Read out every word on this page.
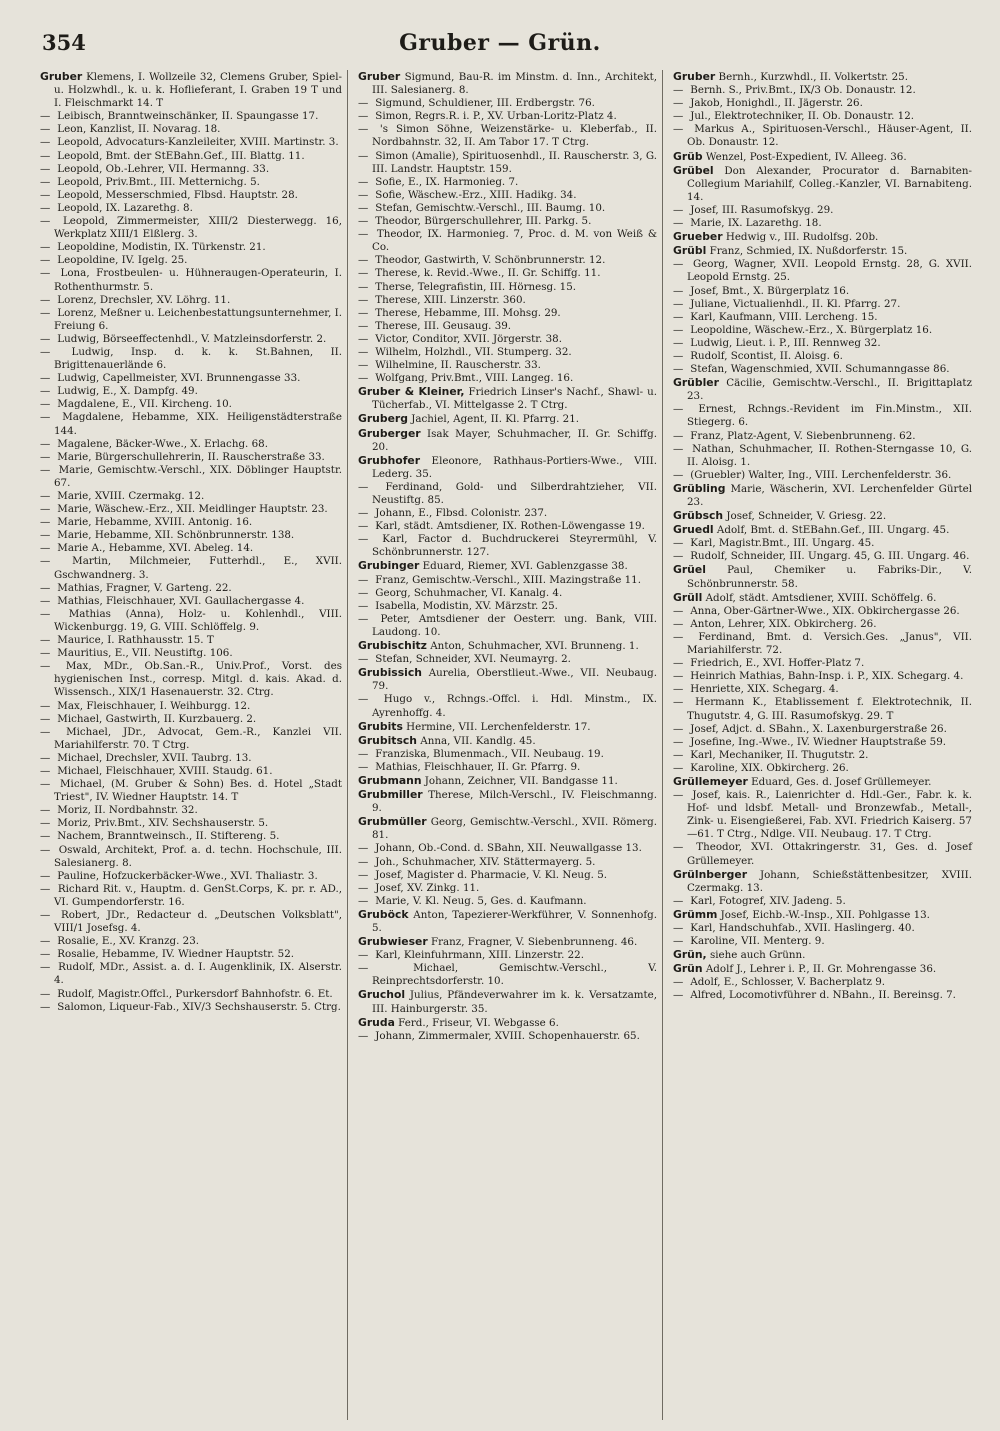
354	Gruber — Grün.

Gruber Klemens, I. Wollzeile 32, Clemens Gruber, Spiel- u. Holzwhdl., k. u. k. Hoflieferant, I. Graben 19 T und I. Fleischmarkt 14. T

— Leibisch, Branntweinschänker, II. Spaungasse 17.

— Leon, Kanzlist, II. Novarag. 18.

— Leopold, Advocaturs-Kanzleileiter, XVIII. Martinstr. 3.

— Leopold, Bmt. der StEBahn.Gef., III. Blattg. 11.

— Leopold, Ob.-Lehrer, VII. Hermanng. 33.

— Leopold, Priv.Bmt., III. Metternichg. 5.

— Leopold, Messerschmied, Flbsd. Hauptstr. 28.

— Leopold, IX. Lazarethg. 8.

— Leopold, Zimmermeister, XIII/2 Diesterwegg. 16, Werkplatz XIII/1 Elßlerg. 3.

— Leopoldine, Modistin, IX. Türkenstr. 21.

— Leopoldine, IV. Igelg. 25.

— Lona, Frostbeulen- u. Hühneraugen-Operateurin, I. Rothenthurmstr. 5.

— Lorenz, Drechsler, XV. Löhrg. 11.

— Lorenz, Meßner u. Leichenbestattungsunternehmer, I. Freiung 6.

— Ludwig, Börseeffectenhdl., V. Matzleinsdorferstr. 2.

— Ludwig, Insp. d. k. k. St.Bahnen, II. Brigittenauerlände 6.

— Ludwig, Capellmeister, XVI. Brunnengasse 33.

— Ludwig, E., X. Dampfg. 49.

— Magdalene, E., VII. Kircheng. 10.

— Magdalene, Hebamme, XIX. Heiligenstädterstraße 144.

— Magalene, Bäcker-Wwe., X. Erlachg. 68.

— Marie, Bürgerschullehrerin, II. Rauscherstraße 33.

— Marie, Gemischtw.-Verschl., XIX. Döblinger Hauptstr. 67.

— Marie, XVIII. Czermakg. 12.

— Marie, Wäschew.-Erz., XII. Meidlinger Hauptstr. 23.

— Marie, Hebamme, XVIII. Antonig. 16.

— Marie, Hebamme, XII. Schönbrunnerstr. 138.

— Marie A., Hebamme, XVI. Abeleg. 14.

— Martin, Milchmeier, Futterhdl., E., XVII. Gschwandnerg. 3.

— Mathias, Fragner, V. Garteng. 22.

— Mathias, Fleischhauer, XVI. Gaullachergasse 4.

— Mathias (Anna), Holz- u. Kohlenhdl., VIII. Wickenburgg. 19, G. VIII. Schlöffelg. 9.

— Maurice, I. Rathhausstr. 15. T

— Mauritius, E., VII. Neustiftg. 106.

— Max, MDr., Ob.San.-R., Univ.Prof., Vorst. des hygienischen Inst., corresp. Mitgl. d. kais. Akad. d. Wissensch., XIX/1 Hasenauerstr. 32. Ctrg.

— Max, Fleischhauer, I. Weihburgg. 12.

— Michael, Gastwirth, II. Kurzbauerg. 2.

— Michael, JDr., Advocat, Gem.-R., Kanzlei VII. Mariahilferstr. 70. T Ctrg.

— Michael, Drechsler, XVII. Taubrg. 13.

— Michael, Fleischhauer, XVIII. Staudg. 61.

— Michael, (M. Gruber & Sohn) Bes. d. Hotel „Stadt Triest", IV. Wiedner Hauptstr. 14. T

— Moriz, II. Nordbahnstr. 32.

— Moriz, Priv.Bmt., XIV. Sechshauserstr. 5.

— Nachem, Branntweinsch., II. Stiftereng. 5.

— Oswald, Architekt, Prof. a. d. techn. Hochschule, III. Salesianerg. 8.

— Pauline, Hofzuckerbäcker-Wwe., XVI. Thaliastr. 3.

— Richard Rit. v., Hauptm. d. GenSt.Corps, K. pr. r. AD., VI. Gumpendorferstr. 16.

— Robert, JDr., Redacteur d. „Deutschen Volksblatt", VIII/1 Josefsg. 4.

— Rosalie, E., XV. Kranzg. 23.

— Rosalie, Hebamme, IV. Wiedner Hauptstr. 52.

— Rudolf, MDr., Assist. a. d. I. Augenklinik, IX. Alserstr. 4.

— Rudolf, Magistr.Offcl., Purkersdorf Bahnhofstr. 6. Et.

— Salomon, Liqueur-Fab., XIV/3 Sechshauserstr. 5. Ctrg.

Gruber Sigmund, Bau-R. im Minstm. d. Inn., Architekt, III. Salesianerg. 8.

— Sigmund, Schuldiener, III. Erdbergstr. 76.

— Simon, Regrs.R. i. P., XV. Urban-Loritz-Platz 4.

— 's Simon Söhne, Weizenstärke- u. Kleberfab., II. Nordbahnstr. 32, II. Am Tabor 17. T Ctrg.

— Simon (Amalie), Spirituosenhdl., II. Rauscherstr. 3, G. III. Landstr. Hauptstr. 159.

— Sofie, E., IX. Harmonieg. 7.

— Sofie, Wäschew.-Erz., XIII. Hadikg. 34.

— Stefan, Gemischtw.-Verschl., III. Baumg. 10.

— Theodor, Bürgerschullehrer, III. Parkg. 5.

— Theodor, IX. Harmonieg. 7, Proc. d. M. von Weiß & Co.

— Theodor, Gastwirth, V. Schönbrunnerstr. 12.

— Therese, k. Revid.-Wwe., II. Gr. Schiffg. 11.

— Therse, Telegrafistin, III. Hörnesg. 15.

— Therese, XIII. Linzerstr. 360.

— Therese, Hebamme, III. Mohsg. 29.

— Therese, III. Geusaug. 39.

— Victor, Conditor, XVII. Jörgerstr. 38.

— Wilhelm, Holzhdl., VII. Stumperg. 32.

— Wilhelmine, II. Rauscherstr. 33.

— Wolfgang, Priv.Bmt., VIII. Langeg. 16.

Gruber & Kleiner, Friedrich Linser's Nachf., Shawl- u. Tücherfab., VI. Mittelgasse 2. T Ctrg.

Gruberg Jachiel, Agent, II. Kl. Pfarrg. 21.

Gruberger Isak Mayer, Schuhmacher, II. Gr. Schiffg. 20.

Grubhofer Eleonore, Rathhaus-Portiers-Wwe., VIII. Lederg. 35.

— Ferdinand, Gold- und Silberdrahtzieher, VII. Neustiftg. 85.

— Johann, E., Flbsd. Colonistr. 237.

— Karl, städt. Amtsdiener, IX. Rothen-Löwengasse 19.

— Karl, Factor d. Buchdruckerei Steyrermühl, V. Schönbrunnerstr. 127.

Grubinger Eduard, Riemer, XVI. Gablenzgasse 38.

— Franz, Gemischtw.-Verschl., XIII. Mazingstraße 11.

— Georg, Schuhmacher, VI. Kanalg. 4.

— Isabella, Modistin, XV. Märzstr. 25.

— Peter, Amtsdiener der Oesterr. ung. Bank, VIII. Laudong. 10.

Grubischitz Anton, Schuhmacher, XVI. Brunneng. 1.

— Stefan, Schneider, XVI. Neumayrg. 2.

Grubissich Aurelia, Oberstlieut.-Wwe., VII. Neubaug. 79.

— Hugo v., Rchngs.-Offcl. i. Hdl. Minstm., IX. Ayrenhoffg. 4.

Grubits Hermine, VII. Lerchenfelderstr. 17.

Grubitsch Anna, VII. Kandlg. 45.

— Franziska, Blumenmach., VII. Neubaug. 19.

— Mathias, Fleischhauer, II. Gr. Pfarrg. 9.

Grubmann Johann, Zeichner, VII. Bandgasse 11.

Grubmiller Therese, Milch-Verschl., IV. Fleischmanng. 9.

Grubmüller Georg, Gemischtw.-Verschl., XVII. Römerg. 81.

— Johann, Ob.-Cond. d. SBahn, XII. Neuwallgasse 13.

— Joh., Schuhmacher, XIV. Stättermayerg. 5.

— Josef, Magister d. Pharmacie, V. Kl. Neug. 5.

— Josef, XV. Zinkg. 11.

— Marie, V. Kl. Neug. 5, Ges. d. Kaufmann.

Gruböck Anton, Tapezierer-Werkführer, V. Sonnenhofg. 5.

Grubwieser Franz, Fragner, V. Siebenbrunneng. 46.

— Karl, Kleinfuhrmann, XIII. Linzerstr. 22.

—	Michael, Gemischtw.-Verschl., V. Reinprechtsdorferstr. 10.

Gruchol Julius, Pfändeverwahrer im k. k. Versatzamte, III. Hainburgerstr. 35.

Gruda Ferd., Friseur, VI. Webgasse 6.

— Johann, Zimmermaler, XVIII. Schopenhauerstr. 65.

Gruber Bernh., Kurzwhdl., II. Volkertstr. 25.

— Bernh. S., Priv.Bmt., IX/3 Ob. Donaustr. 12.

— Jakob, Honighdl., II. Jägerstr. 26.

— Jul., Elektrotechniker, II. Ob. Donaustr. 12.

— Markus A., Spirituosen-Verschl., Häuser-Agent, II. Ob. Donaustr. 12.

Grüb Wenzel, Post-Expedient, IV. Alleeg. 36.

Grübel Don Alexander, Procurator d. Barnabiten-Collegium Mariahilf, Colleg.-Kanzler, VI. Barnabiteng. 14.

— Josef, III. Rasumofskyg. 29.

— Marie, IX. Lazarethg. 18.

Grueber Hedwig v., III. Rudolfsg. 20b.

Grübl Franz, Schmied, IX. Nußdorferstr. 15.

— Georg, Wagner, XVII. Leopold Ernstg. 28, G. XVII. Leopold Ernstg. 25.

— Josef, Bmt., X. Bürgerplatz 16.

— Juliane, Victualienhdl., II. Kl. Pfarrg. 27.

— Karl, Kaufmann, VIII. Lercheng. 15.

— Leopoldine, Wäschew.-Erz., X. Bürgerplatz 16.

— Ludwig, Lieut. i. P., III. Rennweg 32.

— Rudolf, Scontist, II. Aloisg. 6.

— Stefan, Wagenschmied, XVII. Schumanngasse 86.

Grübler Cäcilie, Gemischtw.-Verschl., II. Brigittaplatz 23.

— Ernest, Rchngs.-Revident im Fin.Minstm., XII. Stiegerg. 6.

— Franz, Platz-Agent, V. Siebenbrunneng. 62.

— Nathan, Schuhmacher, II. Rothen-Sterngasse 10, G. II. Aloisg. 1.

— (Gruebler) Walter, Ing., VIII. Lerchenfelderstr. 36.

Grübling Marie, Wäscherin, XVI. Lerchenfelder Gürtel 23.

Grübsch Josef, Schneider, V. Griesg. 22.

Gruedl Adolf, Bmt. d. StEBahn.Gef., III. Ungarg. 45.

— Karl, Magistr.Bmt., III. Ungarg. 45.

— Rudolf, Schneider, III. Ungarg. 45, G. III. Ungarg. 46.

Grüel Paul, Chemiker u. Fabriks-Dir., V. Schönbrunnerstr. 58.

Grüll Adolf, städt. Amtsdiener, XVIII. Schöffelg. 6.

— Anna, Ober-Gärtner-Wwe., XIX. Obkirchergasse 26.

— Anton, Lehrer, XIX. Obkircherg. 26.

— Ferdinand, Bmt. d. Versich.Ges. „Janus", VII. Mariahilferstr. 72.

— Friedrich, E., XVI. Hoffer-Platz 7.

— Heinrich Mathias, Bahn-Insp. i. P., XIX. Schegarg. 4.

— Henriette, XIX. Schegarg. 4.

— Hermann K., Etablissement f. Elektrotechnik, II. Thugutstr. 4, G. III. Rasumofskyg. 29. T

— Josef, Adjct. d. SBahn., X. Laxenburgerstraße 26.

— Josefine, Ing.-Wwe., IV. Wiedner Hauptstraße 59.

— Karl, Mechaniker, II. Thugutstr. 2.

— Karoline, XIX. Obkircherg. 26.

Grüllemeyer Eduard, Ges. d. Josef Grüllemeyer.

— Josef, kais. R., Laienrichter d. Hdl.-Ger., Fabr. k. k. Hof- und ldsbf. Metall- und Bronzewfab., Metall-, Zink- u. Eisengießerei, Fab. XVI. Friedrich Kaiserg. 57—61. T Ctrg., Ndlge. VII. Neubaug. 17. T Ctrg.

— Theodor, XVI. Ottakringerstr. 31, Ges. d. Josef Grüllemeyer.

Grülnberger Johann, Schießstättenbesitzer, XVIII. Czermakg. 13.

— Karl, Fotogref, XIV. Jadeng. 5.

Grümm Josef, Eichb.-W.-Insp., XII. Pohlgasse 13.

— Karl, Handschuhfab., XVII. Haslingerg. 40.

— Karoline, VII. Menterg. 9.

Grün, siehe auch Grünn.

Grün Adolf J., Lehrer i. P., II. Gr. Mohrengasse 36.

— Adolf, E., Schlosser, V. Bacherplatz 9.

— Alfred, Locomotivführer d. NBahn., II. Bereinsg. 7.
